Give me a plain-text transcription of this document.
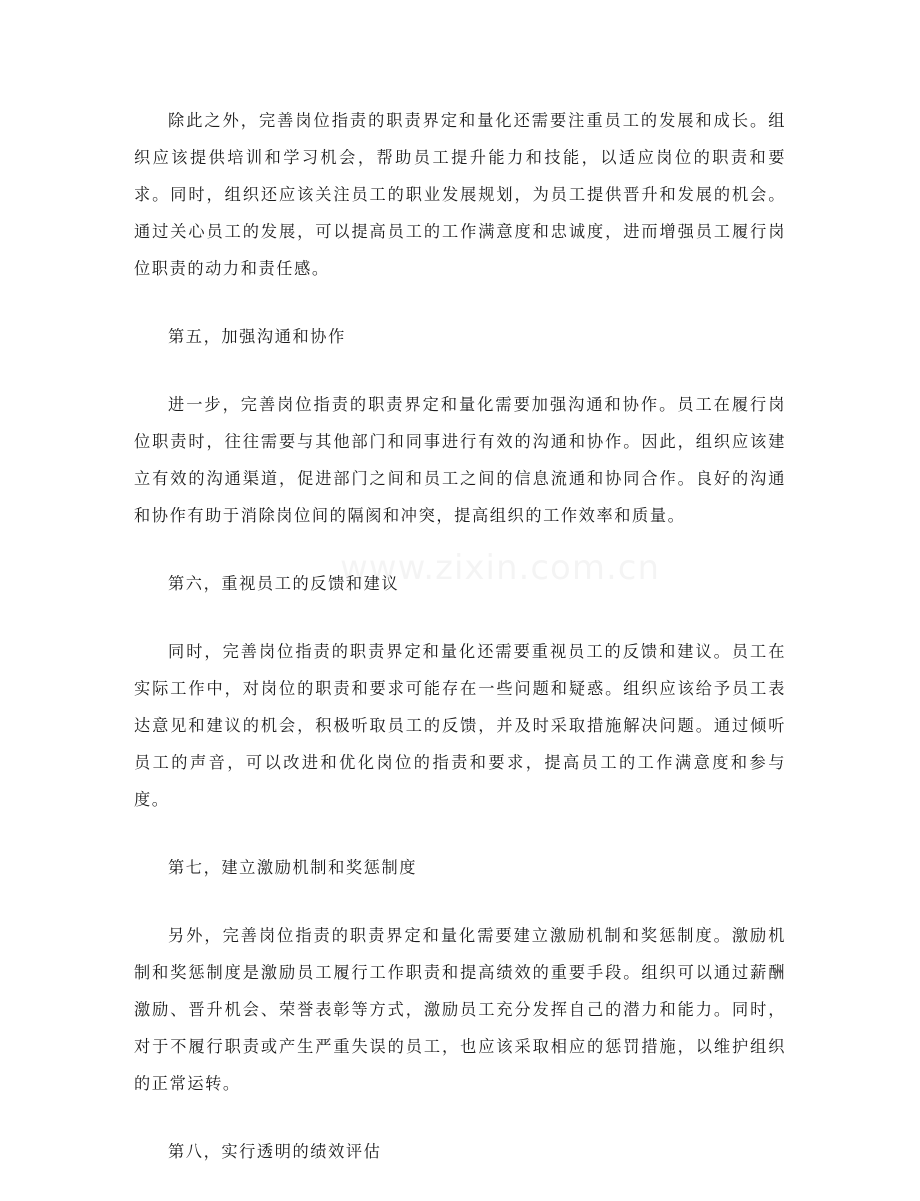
除此之外，完善岗位指责的职责界定和量化还需要注重员工的发展和成长。组织应该提供培训和学习机会，帮助员工提升能力和技能，以适应岗位的职责和要求。同时，组织还应该关注员工的职业发展规划，为员工提供晋升和发展的机会。通过关心员工的发展，可以提高员工的工作满意度和忠诚度，进而增强员工履行岗位职责的动力和责任感。

第五，加强沟通和协作

进一步，完善岗位指责的职责界定和量化需要加强沟通和协作。员工在履行岗位职责时，往往需要与其他部门和同事进行有效的沟通和协作。因此，组织应该建立有效的沟通渠道，促进部门之间和员工之间的信息流通和协同合作。良好的沟通和协作有助于消除岗位间的隔阂和冲突，提高组织的工作效率和质量。

第六，重视员工的反馈和建议

同时，完善岗位指责的职责界定和量化还需要重视员工的反馈和建议。员工在实际工作中，对岗位的职责和要求可能存在一些问题和疑惑。组织应该给予员工表达意见和建议的机会，积极听取员工的反馈，并及时采取措施解决问题。通过倾听员工的声音，可以改进和优化岗位的指责和要求，提高员工的工作满意度和参与度。

第七，建立激励机制和奖惩制度

另外，完善岗位指责的职责界定和量化需要建立激励机制和奖惩制度。激励机制和奖惩制度是激励员工履行工作职责和提高绩效的重要手段。组织可以通过薪酬激励、晋升机会、荣誉表彰等方式，激励员工充分发挥自己的潜力和能力。同时，对于不履行职责或产生严重失误的员工，也应该采取相应的惩罚措施，以维护组织的正常运转。

第八，实行透明的绩效评估
